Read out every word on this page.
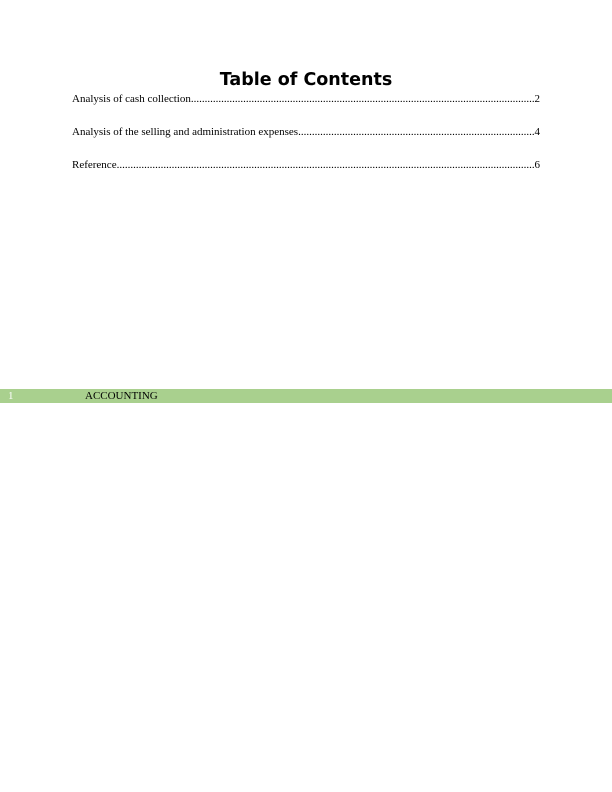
Table of Contents
Analysis of cash collection .....	2
Analysis of the selling and administration expenses .....	4
Reference .....	6
1	ACCOUNTING
